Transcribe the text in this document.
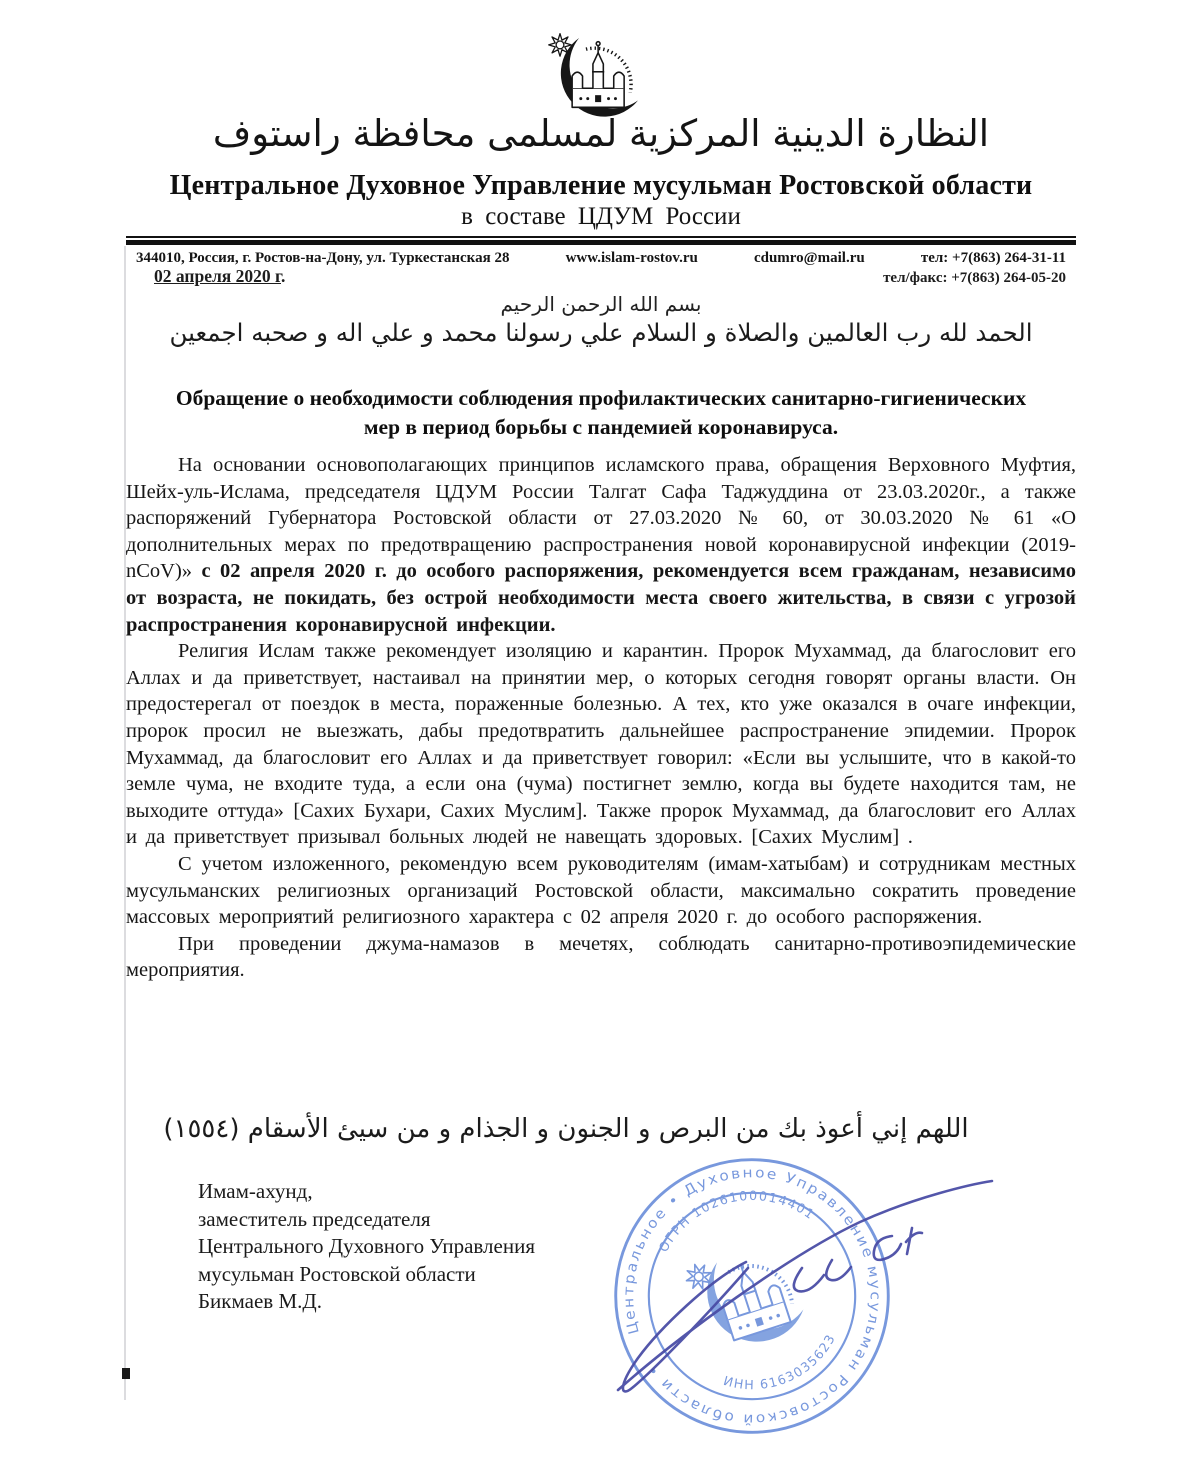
النظارة الدينية المركزية لمسلمى محافظة راستوف
Центральное Духовное Управление мусульман Ростовской области
в составе ЦДУМ России
344010, Россия, г. Ростов-на-Дону, ул. Туркестанская 28	www.islam-rostov.ru	cdumro@mail.ru	тел: +7(863) 264-31-11
02 апреля 2020 г.	тел/факс: +7(863) 264-05-20
بسم الله الرحمن الرحيم
الحمد لله رب العالمين والصلاة و السلام علي رسولنا محمد و علي اله و صحبه اجمعين
Обращение о необходимости соблюдения профилактических санитарно-гигиенических мер в период борьбы с пандемией коронавируса.

На основании основополагающих принципов исламского права, обращения Верховного Муфтия, Шейх-уль-Ислама, председателя ЦДУМ России Талгат Сафа Таджуддина от 23.03.2020г., а также распоряжений Губернатора Ростовской области от 27.03.2020 № 60, от 30.03.2020 № 61 «О дополнительных мерах по предотвращению распространения новой коронавирусной инфекции (2019-nCoV)» с 02 апреля 2020 г. до особого распоряжения, рекомендуется всем гражданам, независимо от возраста, не покидать, без острой необходимости места своего жительства, в связи с угрозой распространения коронавирусной инфекции.

Религия Ислам также рекомендует изоляцию и карантин. Пророк Мухаммад, да благословит его Аллах и да приветствует, настаивал на принятии мер, о которых сегодня говорят органы власти. Он предостерегал от поездок в места, пораженные болезнью. А тех, кто уже оказался в очаге инфекции, пророк просил не выезжать, дабы предотвратить дальнейшее распространение эпидемии. Пророк Мухаммад, да благословит его Аллах и да приветствует говорил: «Если вы услышите, что в какой-то земле чума, не входите туда, а если она (чума) постигнет землю, когда вы будете находится там, не выходите оттуда» [Сахих Бухари, Сахих Муслим]. Также пророк Мухаммад, да благословит его Аллах и да приветствует призывал больных людей не навещать здоровых. [Сахих Муслим] .

С учетом изложенного, рекомендую всем руководителям (имам-хатыбам) и сотрудникам местных мусульманских религиозных организаций Ростовской области, максимально сократить проведение массовых мероприятий религиозного характера с 02 апреля 2020 г. до особого распоряжения.

При проведении джума-намазов в мечетях, соблюдать санитарно-противоэпидемические мероприятия.

اللهم إني أعوذ بك من البرص و الجنون و الجذام و من سيئ الأسقام (١٥٥٤)
Имам-ахунд,
заместитель председателя
Центрального Духовного Управления
мусульман Ростовской области
Бикмаев М.Д.
Центральное • Духовное Управление мусульман Ростовской области •
ОГРН 1026100014401
ИНН 6163035623
